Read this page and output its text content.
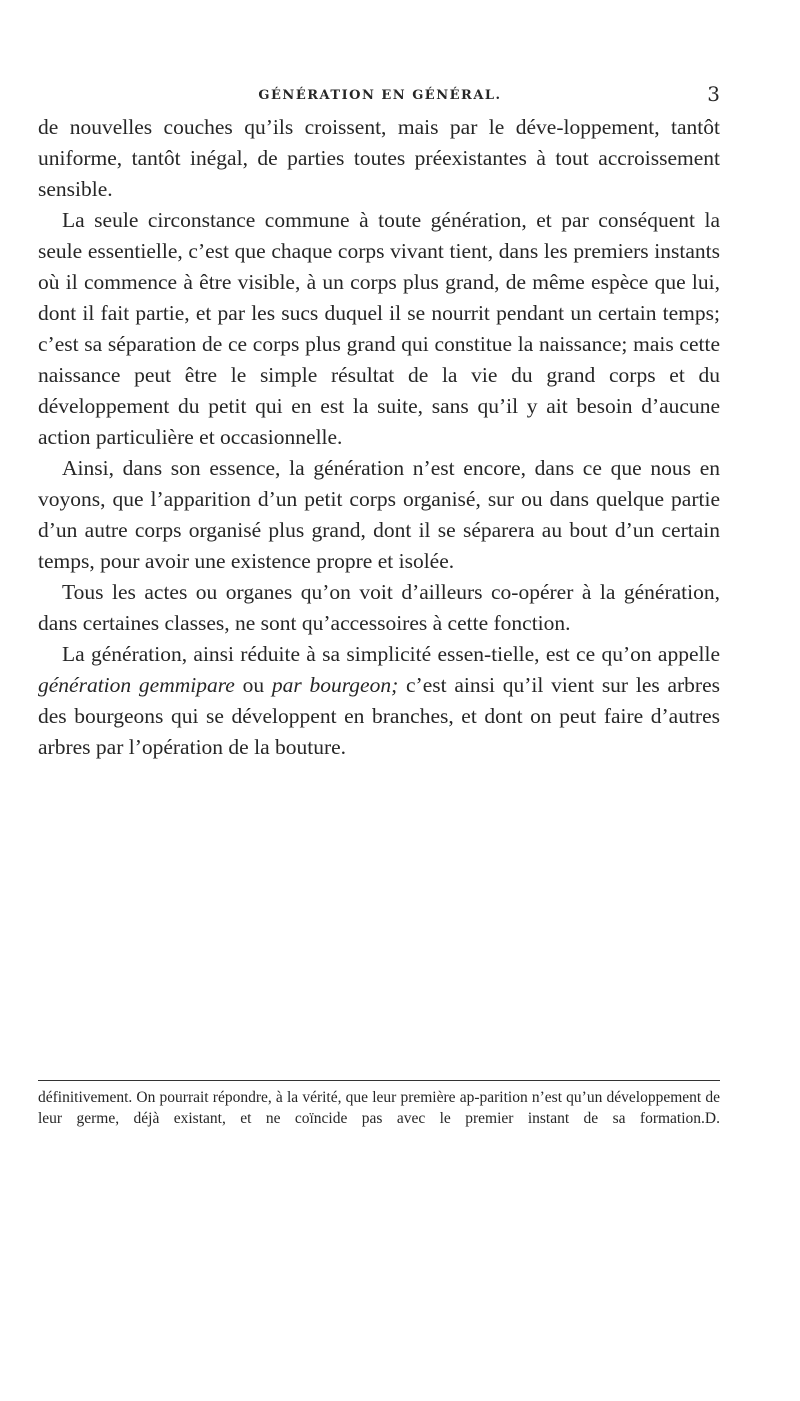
GÉNÉRATION EN GÉNÉRAL.	3

de nouvelles couches qu’ils croissent, mais par le déve-loppement, tantôt uniforme, tantôt inégal, de parties toutes préexistantes à tout accroissement sensible.

La seule circonstance commune à toute génération, et par conséquent la seule essentielle, c’est que chaque corps vivant tient, dans les premiers instants où il commence à être visible, à un corps plus grand, de même espèce que lui, dont il fait partie, et par les sucs duquel il se nourrit pendant un certain temps; c’est sa séparation de ce corps plus grand qui constitue la naissance; mais cette naissance peut être le simple résultat de la vie du grand corps et du développement du petit qui en est la suite, sans qu’il y ait besoin d’aucune action particulière et occasionnelle.

Ainsi, dans son essence, la génération n’est encore, dans ce que nous en voyons, que l’apparition d’un petit corps organisé, sur ou dans quelque partie d’un autre corps organisé plus grand, dont il se séparera au bout d’un certain temps, pour avoir une existence propre et isolée.

Tous les actes ou organes qu’on voit d’ailleurs co-opérer à la génération, dans certaines classes, ne sont qu’accessoires à cette fonction.

La génération, ainsi réduite à sa simplicité essen-tielle, est ce qu’on appelle génération gemmipare ou par bourgeon; c’est ainsi qu’il vient sur les arbres des bourgeons qui se développent en branches, et dont on peut faire d’autres arbres par l’opération de la bouture.

définitivement. On pourrait répondre, à la vérité, que leur première ap-parition n’est qu’un développement de leur germe, déjà existant, et ne coïncide pas avec le premier instant de sa formation. D.
